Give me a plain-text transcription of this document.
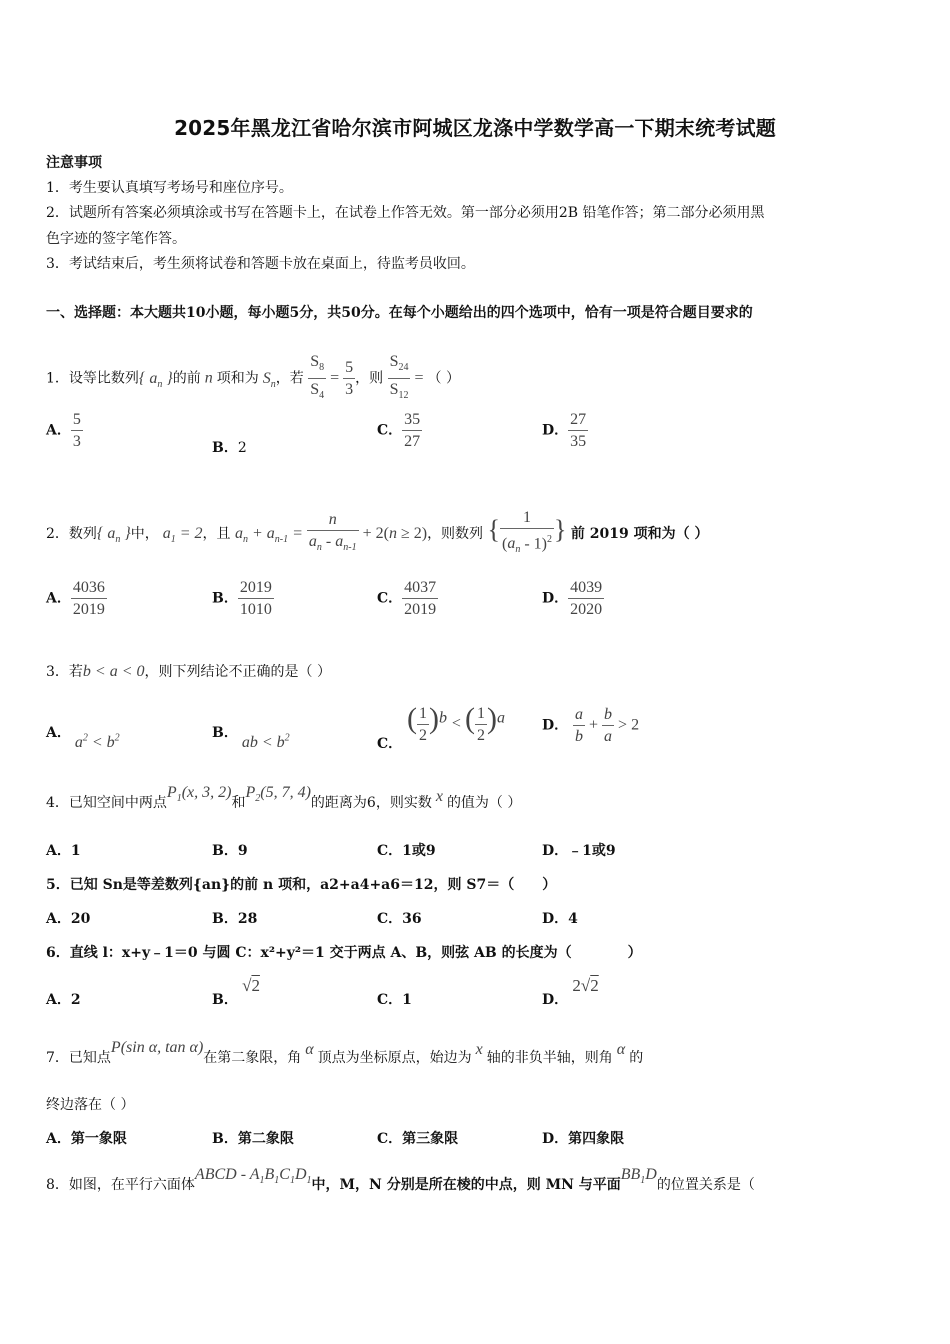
2025年黑龙江省哈尔滨市阿城区龙涤中学数学高一下期末统考试题
注意事项
1．考生要认真填写考场号和座位序号。
2．试题所有答案必须填涂或书写在答题卡上，在试卷上作答无效。第一部分必须用2B 铅笔作答；第二部分必须用黑
色字迹的签字笔作答。
3．考试结束后，考生须将试卷和答题卡放在桌面上，待监考员收回。
一、选择题：本大题共10小题，每小题5分，共50分。在每个小题给出的四个选项中，恰有一项是符合题目要求的
1．设等比数列{ $a_n$ }的前 n 项和为 $S_n$，若 $\frac{S_8}{S_4} = \frac{5}{3}$ ，则 $\frac{S_{24}}{S_{12}}$ = （ ）
A． $\frac{5}{3}$	B．2
C． $\frac{35}{27}$	D． $\frac{27}{35}$
2．数列{ $a_n$ }中， $a_1 = 2$，且 $a_n + a_{n-1} = \frac{n}{a_n - a_{n-1}} + 2(n \ge 2)$，则数列 { $\frac{1}{(a_n - 1)^2}$ } 前 2019 项和为（ ）
A． $\frac{4036}{2019}$	B． $\frac{2019}{1010}$	C． $\frac{4037}{2019}$	D． $\frac{4039}{2020}$
3．若b < a < 0，则下列结论不正确的是（ ）
A． $a^2 < b^2$	B． ab < $b^2$	C． ( $\frac{1}{2} )^b$ < ( $\frac{1}{2} )^a$	D． $\frac{a}{b} + \frac{b}{a} > 2$
4．已知空间中两点$P_1(x$, 3, 2)和$P_2(5$, 7, 4)的距离为6，则实数 x 的值为（ ）
A．1	B．9	C．1或9	D．﹣1或9
5．已知 Sn是等差数列{an}的前 n 项和，a2+a4+a6＝12，则 S7＝（　　）
A．20	B．28	C．36	D．4
6．直线 l：x+y﹣1＝0 与圆 C：x²+y²＝1 交于两点 A、B，则弦 AB 的长度为（　　　　）
A．2	B． √2
C．1	D． 2√2
7．已知点P(sin α, tan α)在第二象限，角 α 顶点为坐标原点，始边为 x 轴的非负半轴，则角 α 的
终边落在（ ）
A．第一象限	B．第二象限	C．第三象限	D．第四象限
8．如图，在平行六面体ABCD - $A_1B_1C_1D_1$中，M，N 分别是所在棱的中点，则 MN 与平面$BB_1D$的位置关系是（
